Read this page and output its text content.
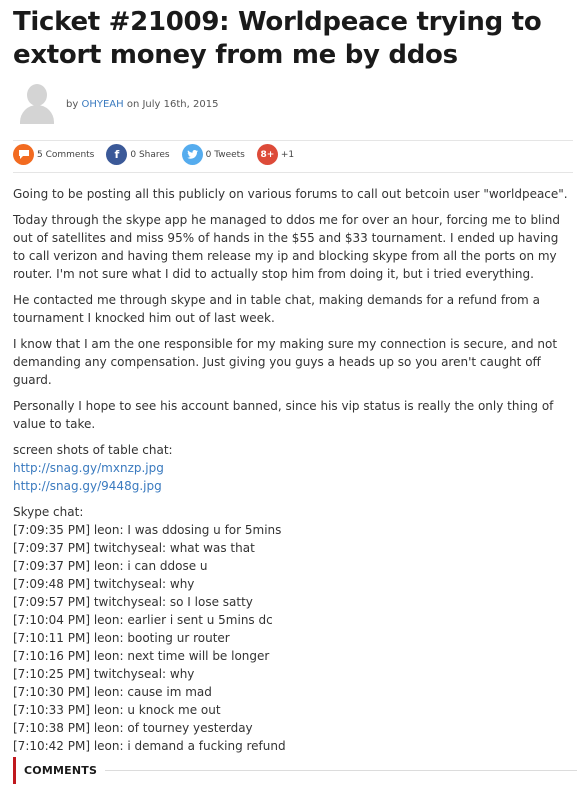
Ticket #21009: Worldpeace trying to extort money from me by ddos
by OHYEAH on July 16th, 2015
5 Comments	f	0 Shares	0 Tweets	8+ +1

Going to be posting all this publicly on various forums to call out betcoin user "worldpeace".

Today through the skype app he managed to ddos me for over an hour, forcing me to blind out of satellites and miss 95% of hands in the $55 and $33 tournament. I ended up having to call verizon and having them release my ip and blocking skype from all the ports on my router. I'm not sure what I did to actually stop him from doing it, but i tried everything.

He contacted me through skype and in table chat, making demands for a refund from a tournament I knocked him out of last week.

I know that I am the one responsible for my making sure my connection is secure, and not demanding any compensation. Just giving you guys a heads up so you aren't caught off guard.

Personally I hope to see his account banned, since his vip status is really the only thing of value to take.

screen shots of table chat:
http://snag.gy/mxnzp.jpg
http://snag.gy/9448g.jpg

Skype chat:
[7:09:35 PM] leon: I was ddosing u for 5mins
[7:09:37 PM] twitchyseal: what was that
[7:09:37 PM] leon: i can ddose u
[7:09:48 PM] twitchyseal: why
[7:09:57 PM] twitchyseal: so I lose satty
[7:10:04 PM] leon: earlier i sent u 5mins dc
[7:10:11 PM] leon: booting ur router
[7:10:16 PM] leon: next time will be longer
[7:10:25 PM] twitchyseal: why
[7:10:30 PM] leon: cause im mad
[7:10:33 PM] leon: u knock me out
[7:10:38 PM] leon: of tourney yesterday
[7:10:42 PM] leon: i demand a fucking refund

COMMENTS
